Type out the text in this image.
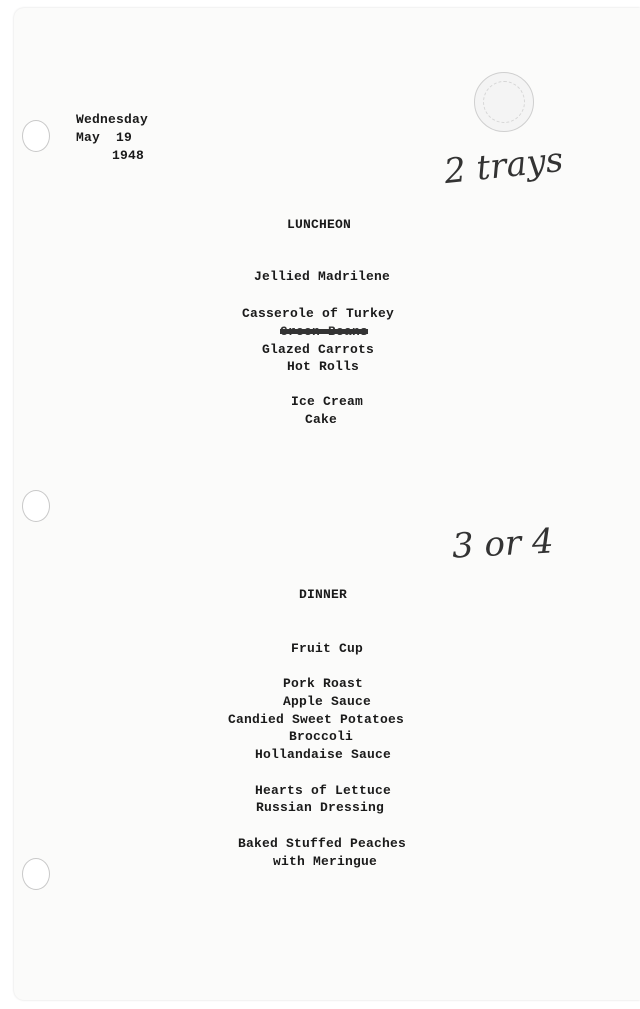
Wednesday
May  19
1948	2 trays
3 or 4
LUNCHEON
Jellied Madrilene
Casserole of Turkey
Green Beans
Glazed Carrots
Hot Rolls
Ice Cream
Cake
DINNER
Fruit Cup
Pork Roast
Apple Sauce
Candied Sweet Potatoes
Broccoli
Hollandaise Sauce
Hearts of Lettuce
Russian Dressing
Baked Stuffed Peaches
with Meringue
